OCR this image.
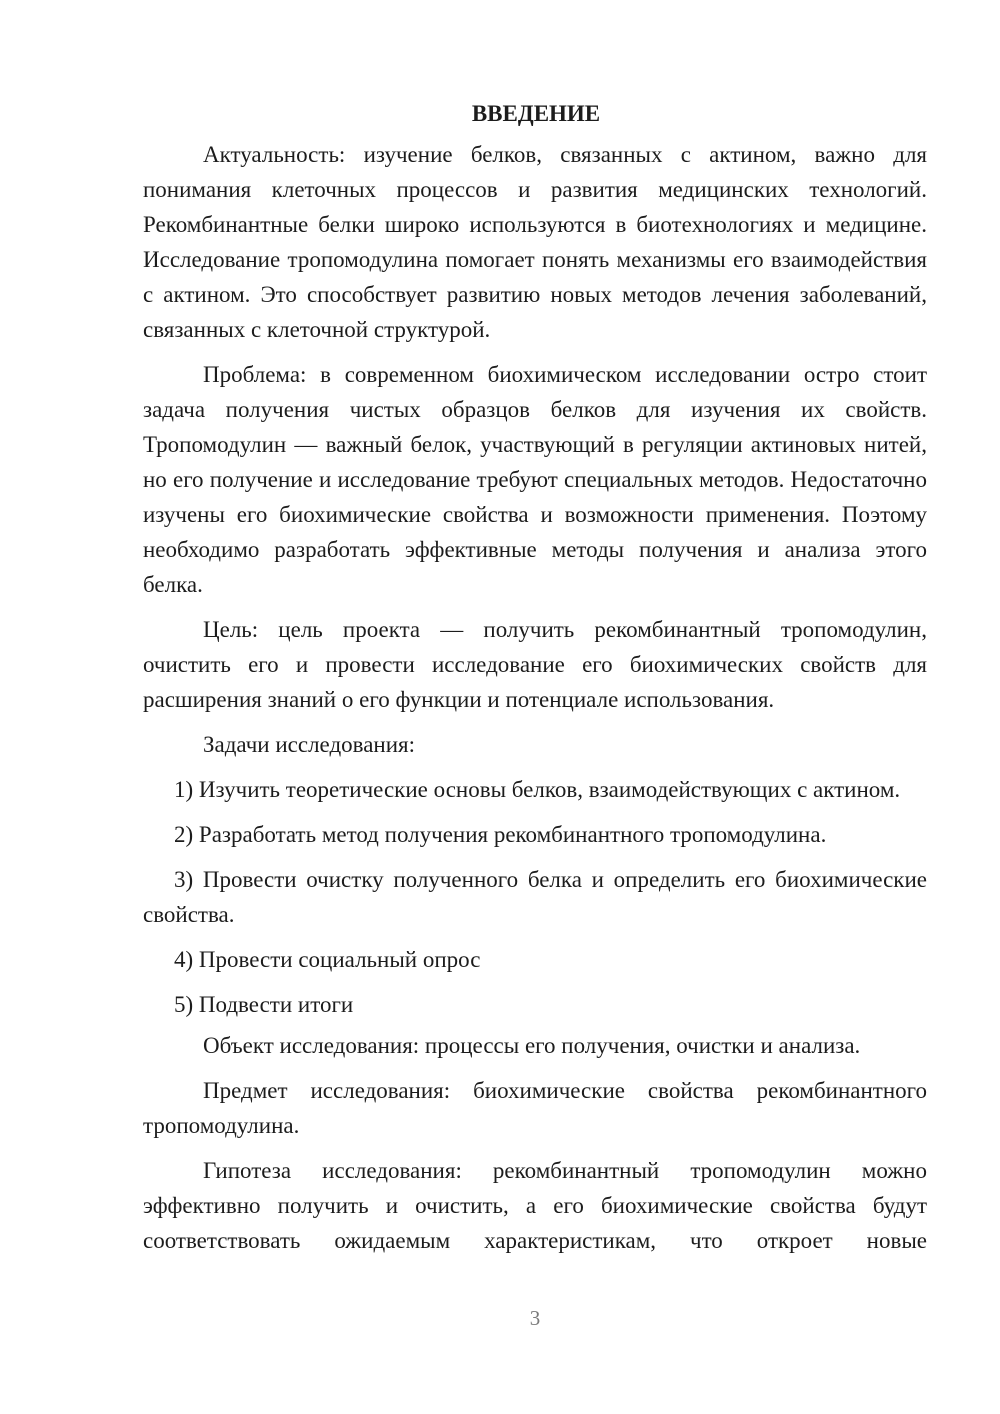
ВВЕДЕНИЕ

Актуальность: изучение белков, связанных с актином, важно для понимания клеточных процессов и развития медицинских технологий. Рекомбинантные белки широко используются в биотехнологиях и медицине. Исследование тропомодулина помогает понять механизмы его взаимодействия с актином. Это способствует развитию новых методов лечения заболеваний, связанных с клеточной структурой.

Проблема: в современном биохимическом исследовании остро стоит задача получения чистых образцов белков для изучения их свойств. Тропомодулин — важный белок, участвующий в регуляции актиновых нитей, но его получение и исследование требуют специальных методов. Недостаточно изучены его биохимические свойства и возможности применения. Поэтому необходимо разработать эффективные методы получения и анализа этого белка.

Цель: цель проекта — получить рекомбинантный тропомодулин, очистить его и провести исследование его биохимических свойств для расширения знаний о его функции и потенциале использования.

Задачи исследования:

1) Изучить теоретические основы белков, взаимодействующих с актином.

2) Разработать метод получения рекомбинантного тропомодулина.

3) Провести очистку полученного белка и определить его биохимические свойства.

4) Провести социальный опрос

5) Подвести итоги

Объект исследования: процессы его получения, очистки и анализа.

Предмет исследования: биохимические свойства рекомбинантного тропомодулина.

Гипотеза исследования: рекомбинантный тропомодулин можно эффективно получить и очистить, а его биохимические свойства будут соответствовать ожидаемым характеристикам, что откроет новые

3
